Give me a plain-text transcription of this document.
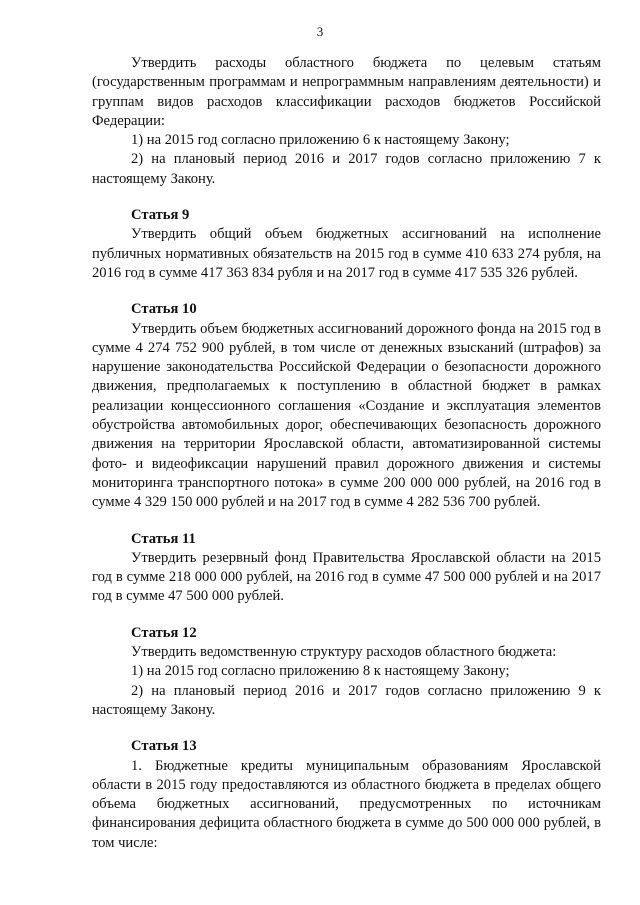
3

Утвердить расходы областного бюджета по целевым статьям (государственным программам и непрограммным направлениям деятельности) и группам видов расходов классификации расходов бюджетов Российской Федерации:

1) на 2015 год согласно приложению 6 к настоящему Закону;

2) на плановый период 2016 и 2017 годов согласно приложению 7 к настоящему Закону.

Статья 9

Утвердить общий объем бюджетных ассигнований на исполнение публичных нормативных обязательств на 2015 год в сумме 410 633 274 рубля, на 2016 год в сумме 417 363 834 рубля и на 2017 год в сумме 417 535 326 рублей.

Статья 10

Утвердить объем бюджетных ассигнований дорожного фонда на 2015 год в сумме 4 274 752 900 рублей, в том числе от денежных взысканий (штрафов) за нарушение законодательства Российской Федерации о безопасности дорожного движения, предполагаемых к поступлению в областной бюджет в рамках реализации концессионного соглашения «Создание и эксплуатация элементов обустройства автомобильных дорог, обеспечивающих безопасность дорожного движения на территории Ярославской области, автоматизированной системы фото- и видеофиксации нарушений правил дорожного движения и системы мониторинга транспортного потока» в сумме 200 000 000 рублей, на 2016 год в сумме 4 329 150 000 рублей и на 2017 год в сумме 4 282 536 700 рублей.

Статья 11

Утвердить резервный фонд Правительства Ярославской области на 2015 год в сумме 218 000 000 рублей, на 2016 год в сумме 47 500 000 рублей и на 2017 год в сумме 47 500 000 рублей.

Статья 12

Утвердить ведомственную структуру расходов областного бюджета:

1) на 2015 год согласно приложению 8 к настоящему Закону;

2) на плановый период 2016 и 2017 годов согласно приложению 9 к настоящему Закону.

Статья 13

1. Бюджетные кредиты муниципальным образованиям Ярославской области в 2015 году предоставляются из областного бюджета в пределах общего объема бюджетных ассигнований, предусмотренных по источникам финансирования дефицита областного бюджета в сумме до 500 000 000 рублей, в том числе:
